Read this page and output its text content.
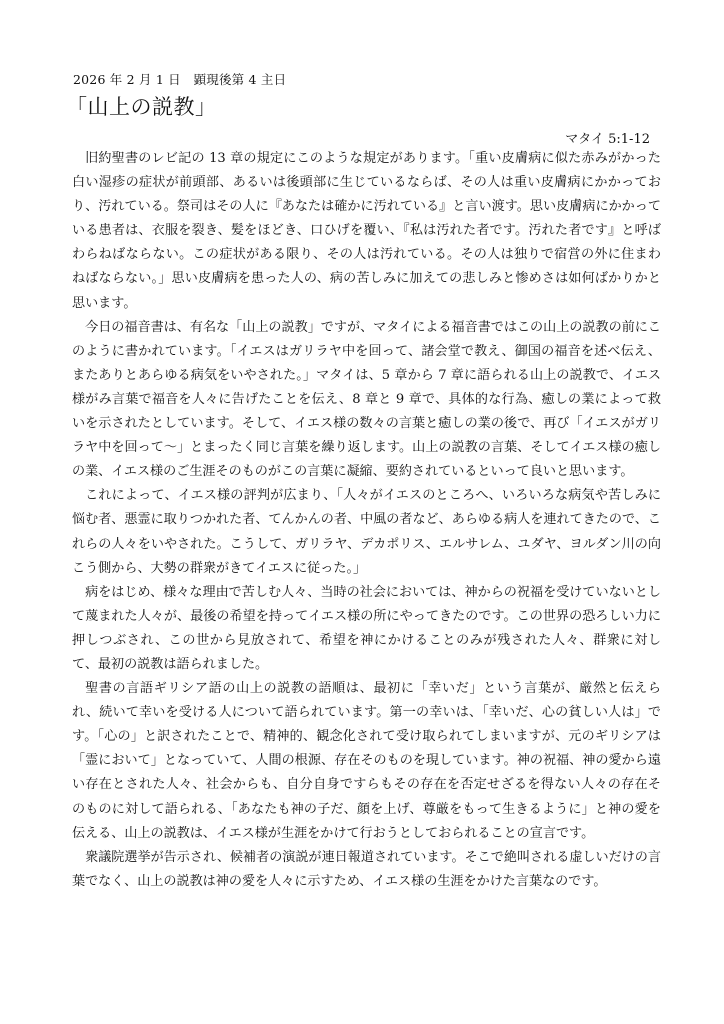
2026 年 2 月 1 日　顕現後第 4 主日
「山上の説教」
マタイ 5:1-12

旧約聖書のレビ記の 13 章の規定にこのような規定があります。「重い皮膚病に似た赤みがかった白い湿疹の症状が前頭部、あるいは後頭部に生じているならば、その人は重い皮膚病にかかっており、汚れている。祭司はその人に『あなたは確かに汚れている』と言い渡す。思い皮膚病にかかっている患者は、衣服を裂き、髪をほどき、口ひげを覆い、『私は汚れた者です。汚れた者です』と呼ばわらねばならない。この症状がある限り、その人は汚れている。その人は独りで宿営の外に住まわねばならない。」思い皮膚病を患った人の、病の苦しみに加えての悲しみと惨めさは如何ばかりかと思います。

今日の福音書は、有名な「山上の説教」ですが、マタイによる福音書ではこの山上の説教の前にこのように書かれています。「イエスはガリラヤ中を回って、諸会堂で教え、御国の福音を述べ伝え、またありとあらゆる病気をいやされた。」マタイは、5 章から 7 章に語られる山上の説教で、イエス様がみ言葉で福音を人々に告げたことを伝え、8 章と 9 章で、具体的な行為、癒しの業によって救いを示されたとしています。そして、イエス様の数々の言葉と癒しの業の後で、再び「イエスがガリラヤ中を回って〜」とまったく同じ言葉を繰り返します。山上の説教の言葉、そしてイエス様の癒しの業、イエス様のご生涯そのものがこの言葉に凝縮、要約されているといって良いと思います。

これによって、イエス様の評判が広まり、「人々がイエスのところへ、いろいろな病気や苦しみに悩む者、悪霊に取りつかれた者、てんかんの者、中風の者など、あらゆる病人を連れてきたので、これらの人々をいやされた。こうして、ガリラヤ、デカポリス、エルサレム、ユダヤ、ヨルダン川の向こう側から、大勢の群衆がきてイエスに従った。」

病をはじめ、様々な理由で苦しむ人々、当時の社会においては、神からの祝福を受けていないとして蔑まれた人々が、最後の希望を持ってイエス様の所にやってきたのです。この世界の恐ろしい力に押しつぶされ、この世から見放されて、希望を神にかけることのみが残された人々、群衆に対して、最初の説教は語られました。

聖書の言語ギリシア語の山上の説教の語順は、最初に「幸いだ」という言葉が、厳然と伝えられ、続いて幸いを受ける人について語られています。第一の幸いは、「幸いだ、心の貧しい人は」です。「心の」と訳されたことで、精神的、観念化されて受け取られてしまいますが、元のギリシアは「霊において」となっていて、人間の根源、存在そのものを現しています。神の祝福、神の愛から遠い存在とされた人々、社会からも、自分自身ですらもその存在を否定せざるを得ない人々の存在そのものに対して語られる、「あなたも神の子だ、顔を上げ、尊厳をもって生きるように」と神の愛を伝える、山上の説教は、イエス様が生涯をかけて行おうとしておられることの宣言です。

衆議院選挙が告示され、候補者の演説が連日報道されています。そこで絶叫される虚しいだけの言葉でなく、山上の説教は神の愛を人々に示すため、イエス様の生涯をかけた言葉なのです。
